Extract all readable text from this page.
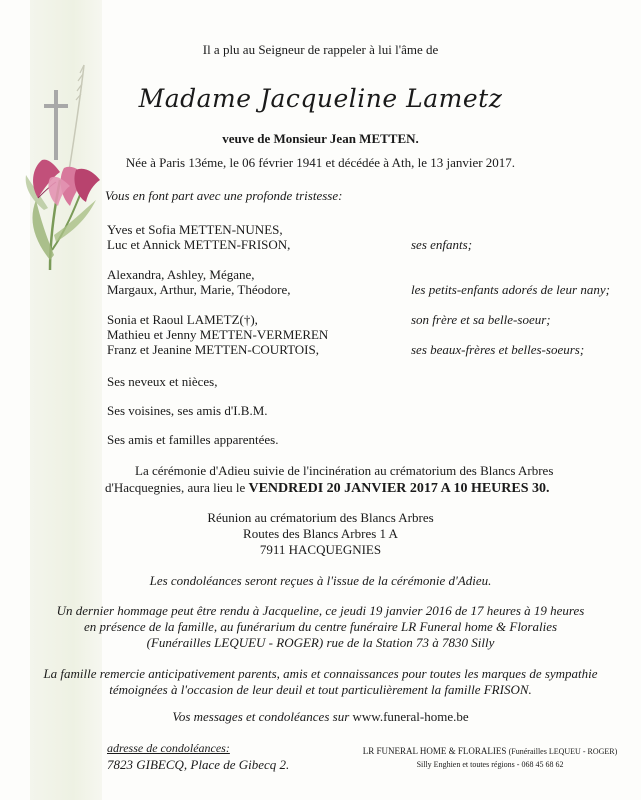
Il a plu au Seigneur de rappeler à lui l'âme de
Madame Jacqueline Lametz
veuve de Monsieur Jean METTEN.
Née à Paris 13éme, le 06 février 1941 et décédée à Ath, le 13 janvier 2017.
Vous en font part avec une profonde tristesse:
Yves et Sofia METTEN-NUNES,
Luc et Annick METTEN-FRISON,	ses enfants;
Alexandra, Ashley, Mégane,
Margaux, Arthur, Marie, Théodore,	les petits-enfants adorés de leur nany;
Sonia et Raoul LAMETZ(†),	son frère et sa belle-soeur;
Mathieu et Jenny METTEN-VERMEREN
Franz et Jeanine METTEN-COURTOIS,	ses beaux-frères et belles-soeurs;
Ses neveux et nièces,
Ses voisines, ses amis d'I.B.M.
Ses amis et familles apparentées.
La cérémonie d'Adieu suivie de l'incinération au crématorium des Blancs Arbres
d'Hacquegnies, aura lieu le VENDREDI 20 JANVIER 2017 A 10 HEURES 30.
Réunion au crématorium des Blancs Arbres
Routes des Blancs Arbres 1 A
7911 HACQUEGNIES
Les condoléances seront reçues à l'issue de la cérémonie d'Adieu.
Un dernier hommage peut être rendu à Jacqueline, ce jeudi 19 janvier 2016 de 17 heures à 19 heures
en présence de la famille, au funérarium du centre funéraire LR Funeral home & Floralies
(Funérailles LEQUEU - ROGER) rue de la Station 73 à 7830 Silly
La famille remercie anticipativement parents, amis et connaissances pour toutes les marques de sympathie
témoignées à l'occasion de leur deuil et tout particulièrement la famille FRISON.
Vos messages et condoléances sur www.funeral-home.be
adresse de condoléances:
7823 GIBECQ, Place de Gibecq 2.
LR FUNERAL HOME & FLORALIES (Funérailles LEQUEU - ROGER)
Silly Enghien et toutes régions - 068 45 68 62
